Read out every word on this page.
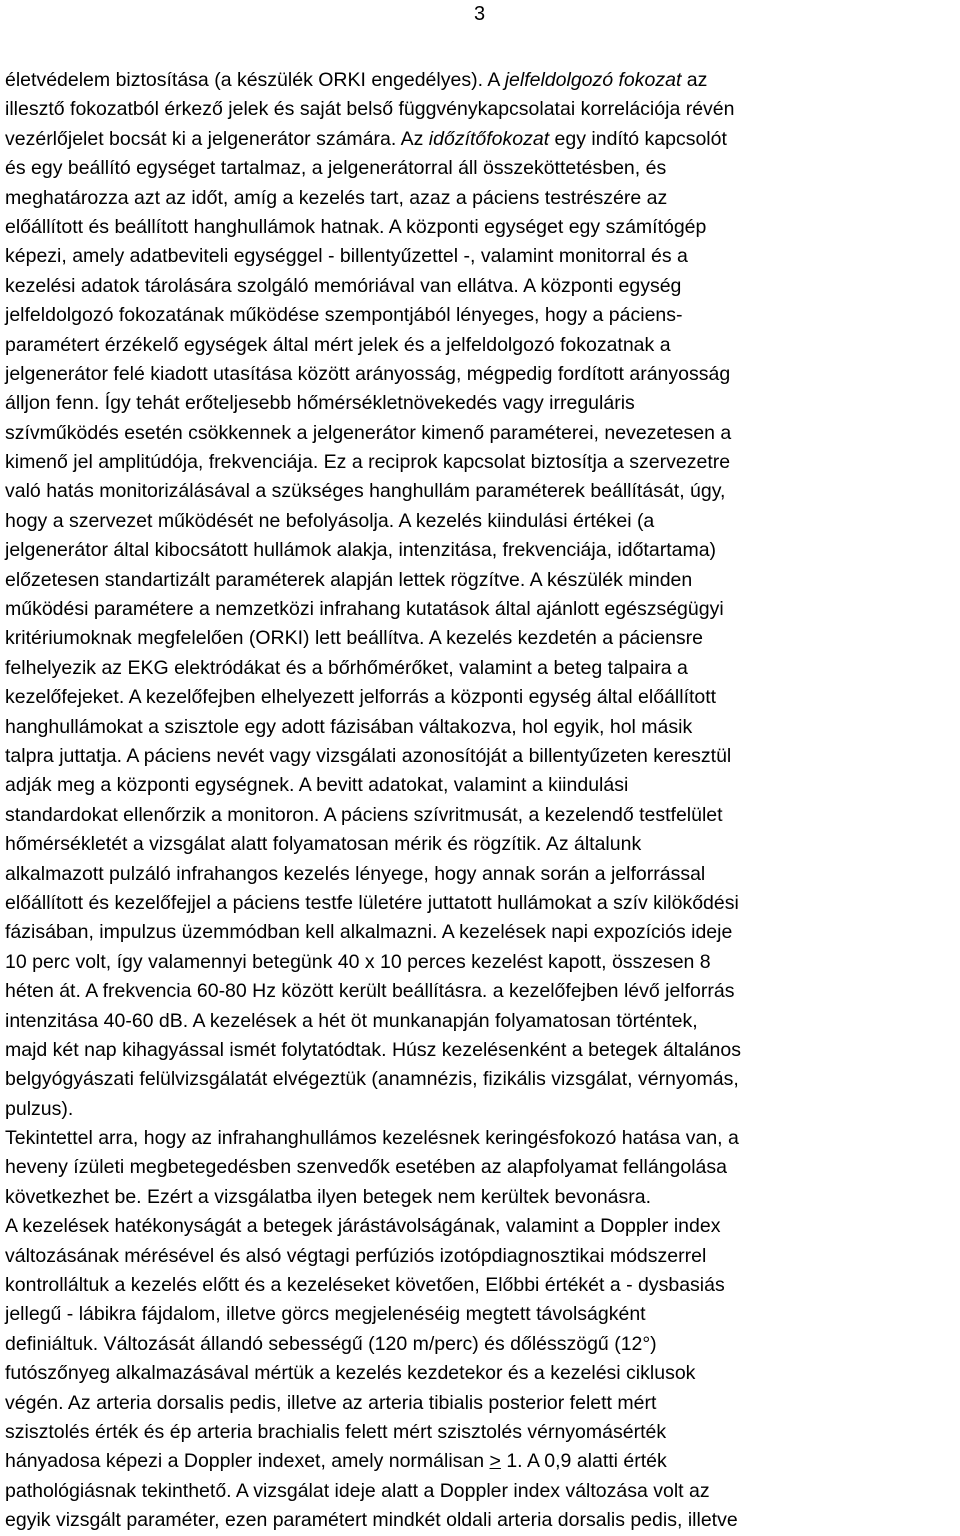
3

életvédelem biztosítása (a készülék ORKI engedélyes). A jelfeldolgozó fokozat az
illesztő fokozatból érkező jelek és saját belső függvénykapcsolatai korrelációja révén
vezérlőjelet bocsát ki a jelgenerátor számára. Az időzítőfokozat egy indító kapcsolót
és egy beállító egységet tartalmaz, a jelgenerátorral áll összeköttetésben, és
meghatározza azt az időt, amíg a kezelés tart, azaz a páciens testrészére az
előállított és beállított hanghullámok hatnak. A központi egységet egy számítógép
képezi, amely adatbeviteli egységgel - billentyűzettel -, valamint monitorral és a
kezelési adatok tárolására szolgáló memóriával van ellátva. A központi egység
jelfeldolgozó fokozatának működése szempontjából lényeges, hogy a páciens-
paramétert érzékelő egységek által mért jelek és a jelfeldolgozó fokozatnak a
jelgenerátor felé kiadott utasítása között arányosság, mégpedig fordított arányosság
álljon fenn. Így tehát erőteljesebb hőmérsékletnövekedés vagy irreguláris
szívműködés esetén csökkennek a jelgenerátor kimenő paraméterei, nevezetesen a
kimenő jel amplitúdója, frekvenciája. Ez a reciprok kapcsolat biztosítja a szervezetre
való hatás monitorizálásával a szükséges hanghullám paraméterek beállítását, úgy,
hogy a szervezet működését ne befolyásolja. A kezelés kiindulási értékei (a
jelgenerátor által kibocsátott hullámok alakja, intenzitása, frekvenciája, időtartama)
előzetesen standartizált paraméterek alapján lettek rögzítve. A készülék minden
működési paramétere a nemzetközi infrahang kutatások által ajánlott egészségügyi
kritériumoknak megfelelően (ORKI) lett beállítva. A kezelés kezdetén a páciensre
felhelyezik az EKG elektródákat és a bőrhőmérőket, valamint a beteg talpaira a
kezelőfejeket. A kezelőfejben elhelyezett jelforrás a központi egység által előállított
hanghullámokat a szisztole egy adott fázisában váltakozva, hol egyik, hol másik
talpra juttatja. A páciens nevét vagy vizsgálati azonosítóját a billentyűzeten keresztül
adják meg a központi egységnek. A bevitt adatokat, valamint a kiindulási
standardokat ellenőrzik a monitoron. A páciens szívritmusát, a kezelendő testfelület
hőmérsékletét a vizsgálat alatt folyamatosan mérik és rögzítik. Az általunk
alkalmazott pulzáló infrahangos kezelés lényege, hogy annak során a jelforrással
előállított és kezelőfejjel a páciens testfe lületére juttatott hullámokat a szív kilökődési
fázisában, impulzus üzemmódban kell alkalmazni. A kezelések napi expozíciós ideje
10 perc volt, így valamennyi betegünk 40 x 10 perces kezelést kapott, összesen 8
héten át. A frekvencia 60-80 Hz között került beállításra. a kezelőfejben lévő jelforrás
intenzitása 40-60 dB. A kezelések a hét öt munkanapján folyamatosan történtek,
majd két nap kihagyással ismét folytatódtak. Húsz kezelésenként a betegek általános
belgyógyászati felülvizsgálatát elvégeztük (anamnézis, fizikális vizsgálat, vérnyomás,
pulzus).

Tekintettel arra, hogy az infrahanghullámos kezelésnek keringésfokozó hatása van, a
heveny ízületi megbetegedésben szenvedők esetében az alapfolyamat fellángolása
következhet be. Ezért a vizsgálatba ilyen betegek nem kerültek bevonásra.

A kezelések hatékonyságát a betegek járástávolságának, valamint a Doppler index
változásának mérésével és alsó végtagi perfúziós izotópdiagnosztikai módszerrel
kontrolláltuk a kezelés előtt és a kezeléseket követően, Előbbi értékét a - dysbasiás
jellegű - lábikra fájdalom, illetve görcs megjelenéséig megtett távolságként
definiáltuk. Változását állandó sebességű (120 m/perc) és dőlésszögű (12°)
futószőnyeg alkalmazásával mértük a kezelés kezdetekor és a kezelési ciklusok
végén. Az arteria dorsalis pedis, illetve az arteria tibialis posterior felett mért
szisztolés érték és ép arteria brachialis felett mért szisztolés vérnyomásérték
hányadosa képezi a Doppler indexet, amely normálisan > 1. A 0,9 alatti érték
pathológiásnak tekinthető. A vizsgálat ideje alatt a Doppler index változása volt az
egyik vizsgált paraméter, ezen paramétert mindkét oldali arteria dorsalis pedis, illetve
